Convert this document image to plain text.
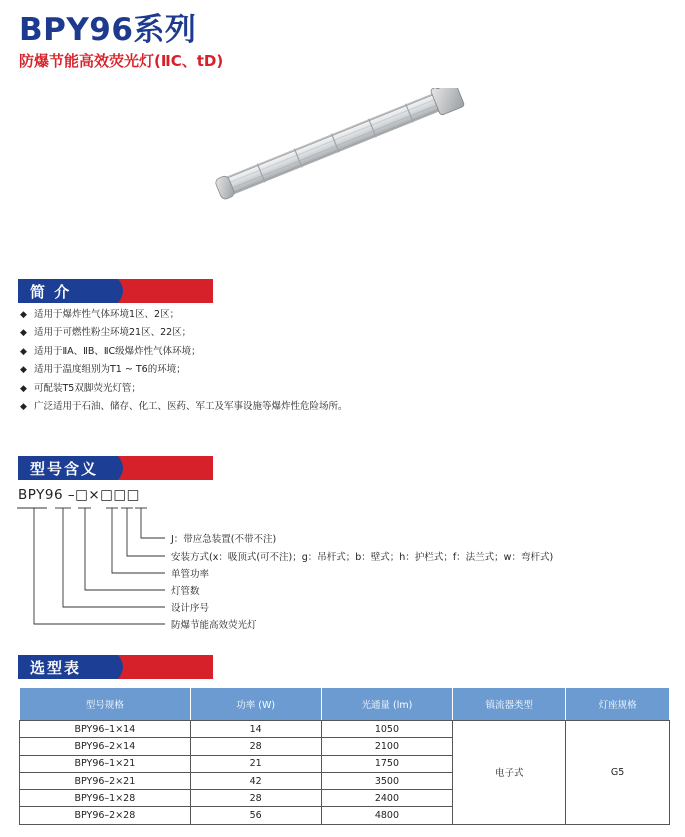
BPY96系列
防爆节能高效荧光灯(ⅡC、tD)
简 介
◆ 适用于爆炸性气体环境1区、2区；
◆ 适用于可燃性粉尘环境21区、22区；
◆ 适用于ⅡA、ⅡB、ⅡC级爆炸性气体环境；
◆ 适用于温度组别为T1 ~ T6的环境；
◆ 可配装T5双脚荧光灯管；
◆ 广泛适用于石油、储存、化工、医药、军工及军事设施等爆炸性危险场所。
型号含义
BPY96 –□×□□□
J：带应急装置(不带不注)
安装方式(x：吸顶式(可不注)；g：吊杆式；b：壁式；h：护栏式；f：法兰式；w：弯杆式)
单管功率
灯管数
设计序号
防爆节能高效荧光灯
选型表
型号规格	功率 (W)	光通量 (lm)	镇流器类型	灯座规格
BPY96–1×14	14	1050	电子式	G5
BPY96–2×14	28	2100		
BPY96–1×21	21	1750		
BPY96–2×21	42	3500		
BPY96–1×28	28	2400		
BPY96–2×28	56	4800		
